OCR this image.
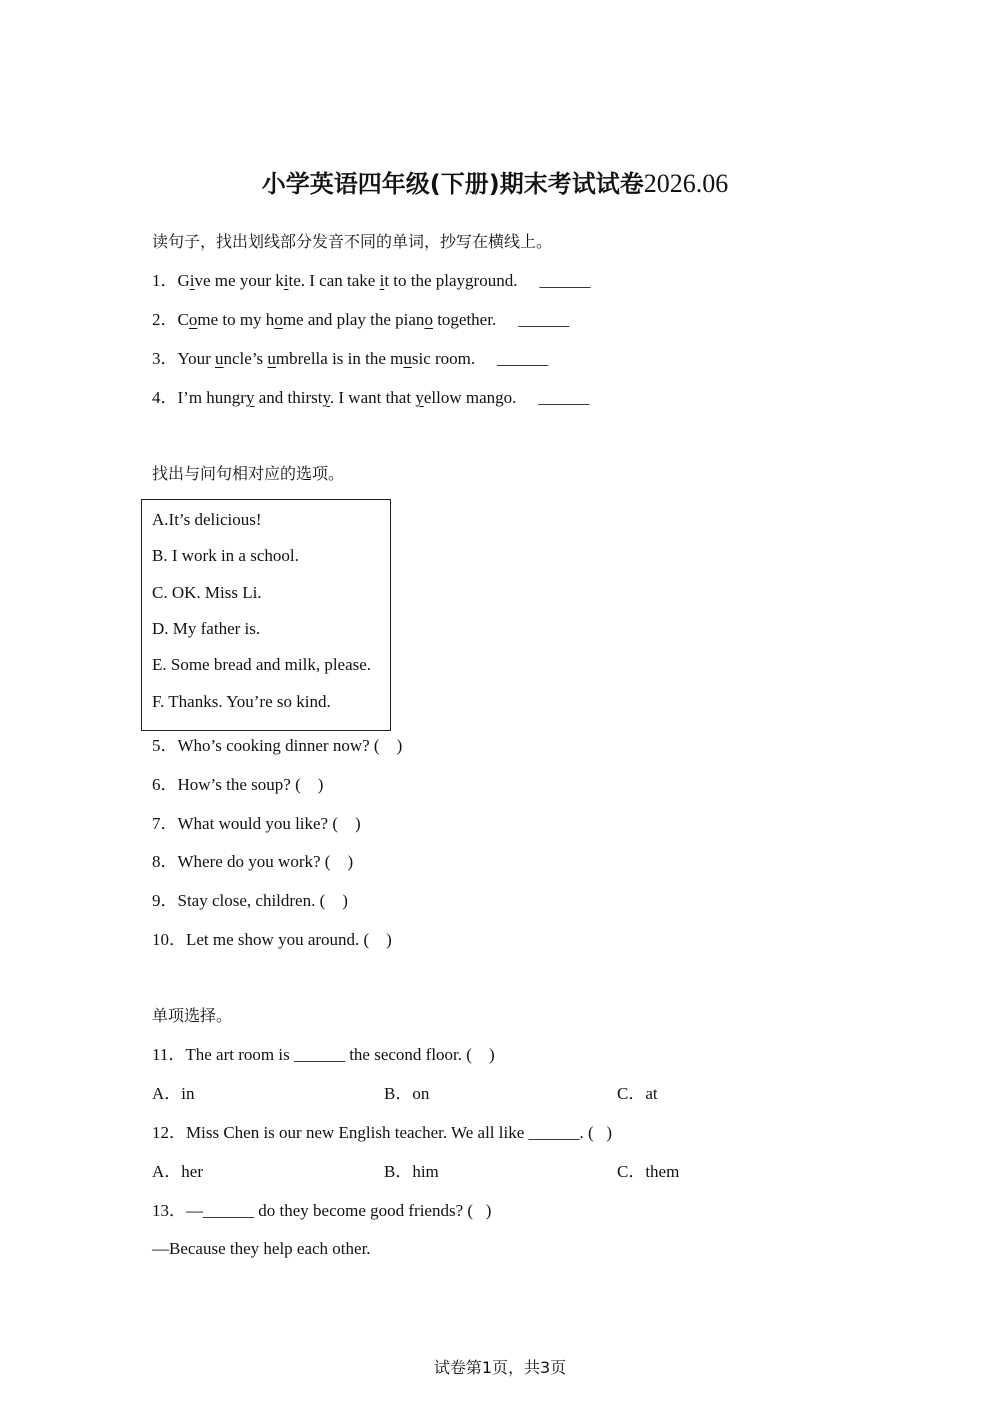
小学英语四年级(下册)期末考试试卷2026.06
读句子，找出划线部分发音不同的单词，抄写在横线上。
1．Give me your kite. I can take it to the playground. ______
2．Come to my home and play the piano together. ______
3．Your uncle’s umbrella is in the music room. ______
4．I’m hungry and thirsty. I want that yellow mango. ______
找出与问句相对应的选项。
A.It’s delicious!
B. I work in a school.
C. OK. Miss Li.
D. My father is.
E. Some bread and milk, please.
F. Thanks. You’re so kind.
5．Who’s cooking dinner now? (    )
6．How’s the soup? (    )
7．What would you like? (    )
8．Where do you work? (    )
9．Stay close, children. (    )
10．Let me show you around. (    )
单项选择。
11．The art room is ______ the second floor. (    )
A．in	B．on	C．at
12．Miss Chen is our new English teacher. We all like ______. (   )
A．her	B．him	C．them
13．—______ do they become good friends? (   )
—Because they help each other.
试卷第1页，共3页
